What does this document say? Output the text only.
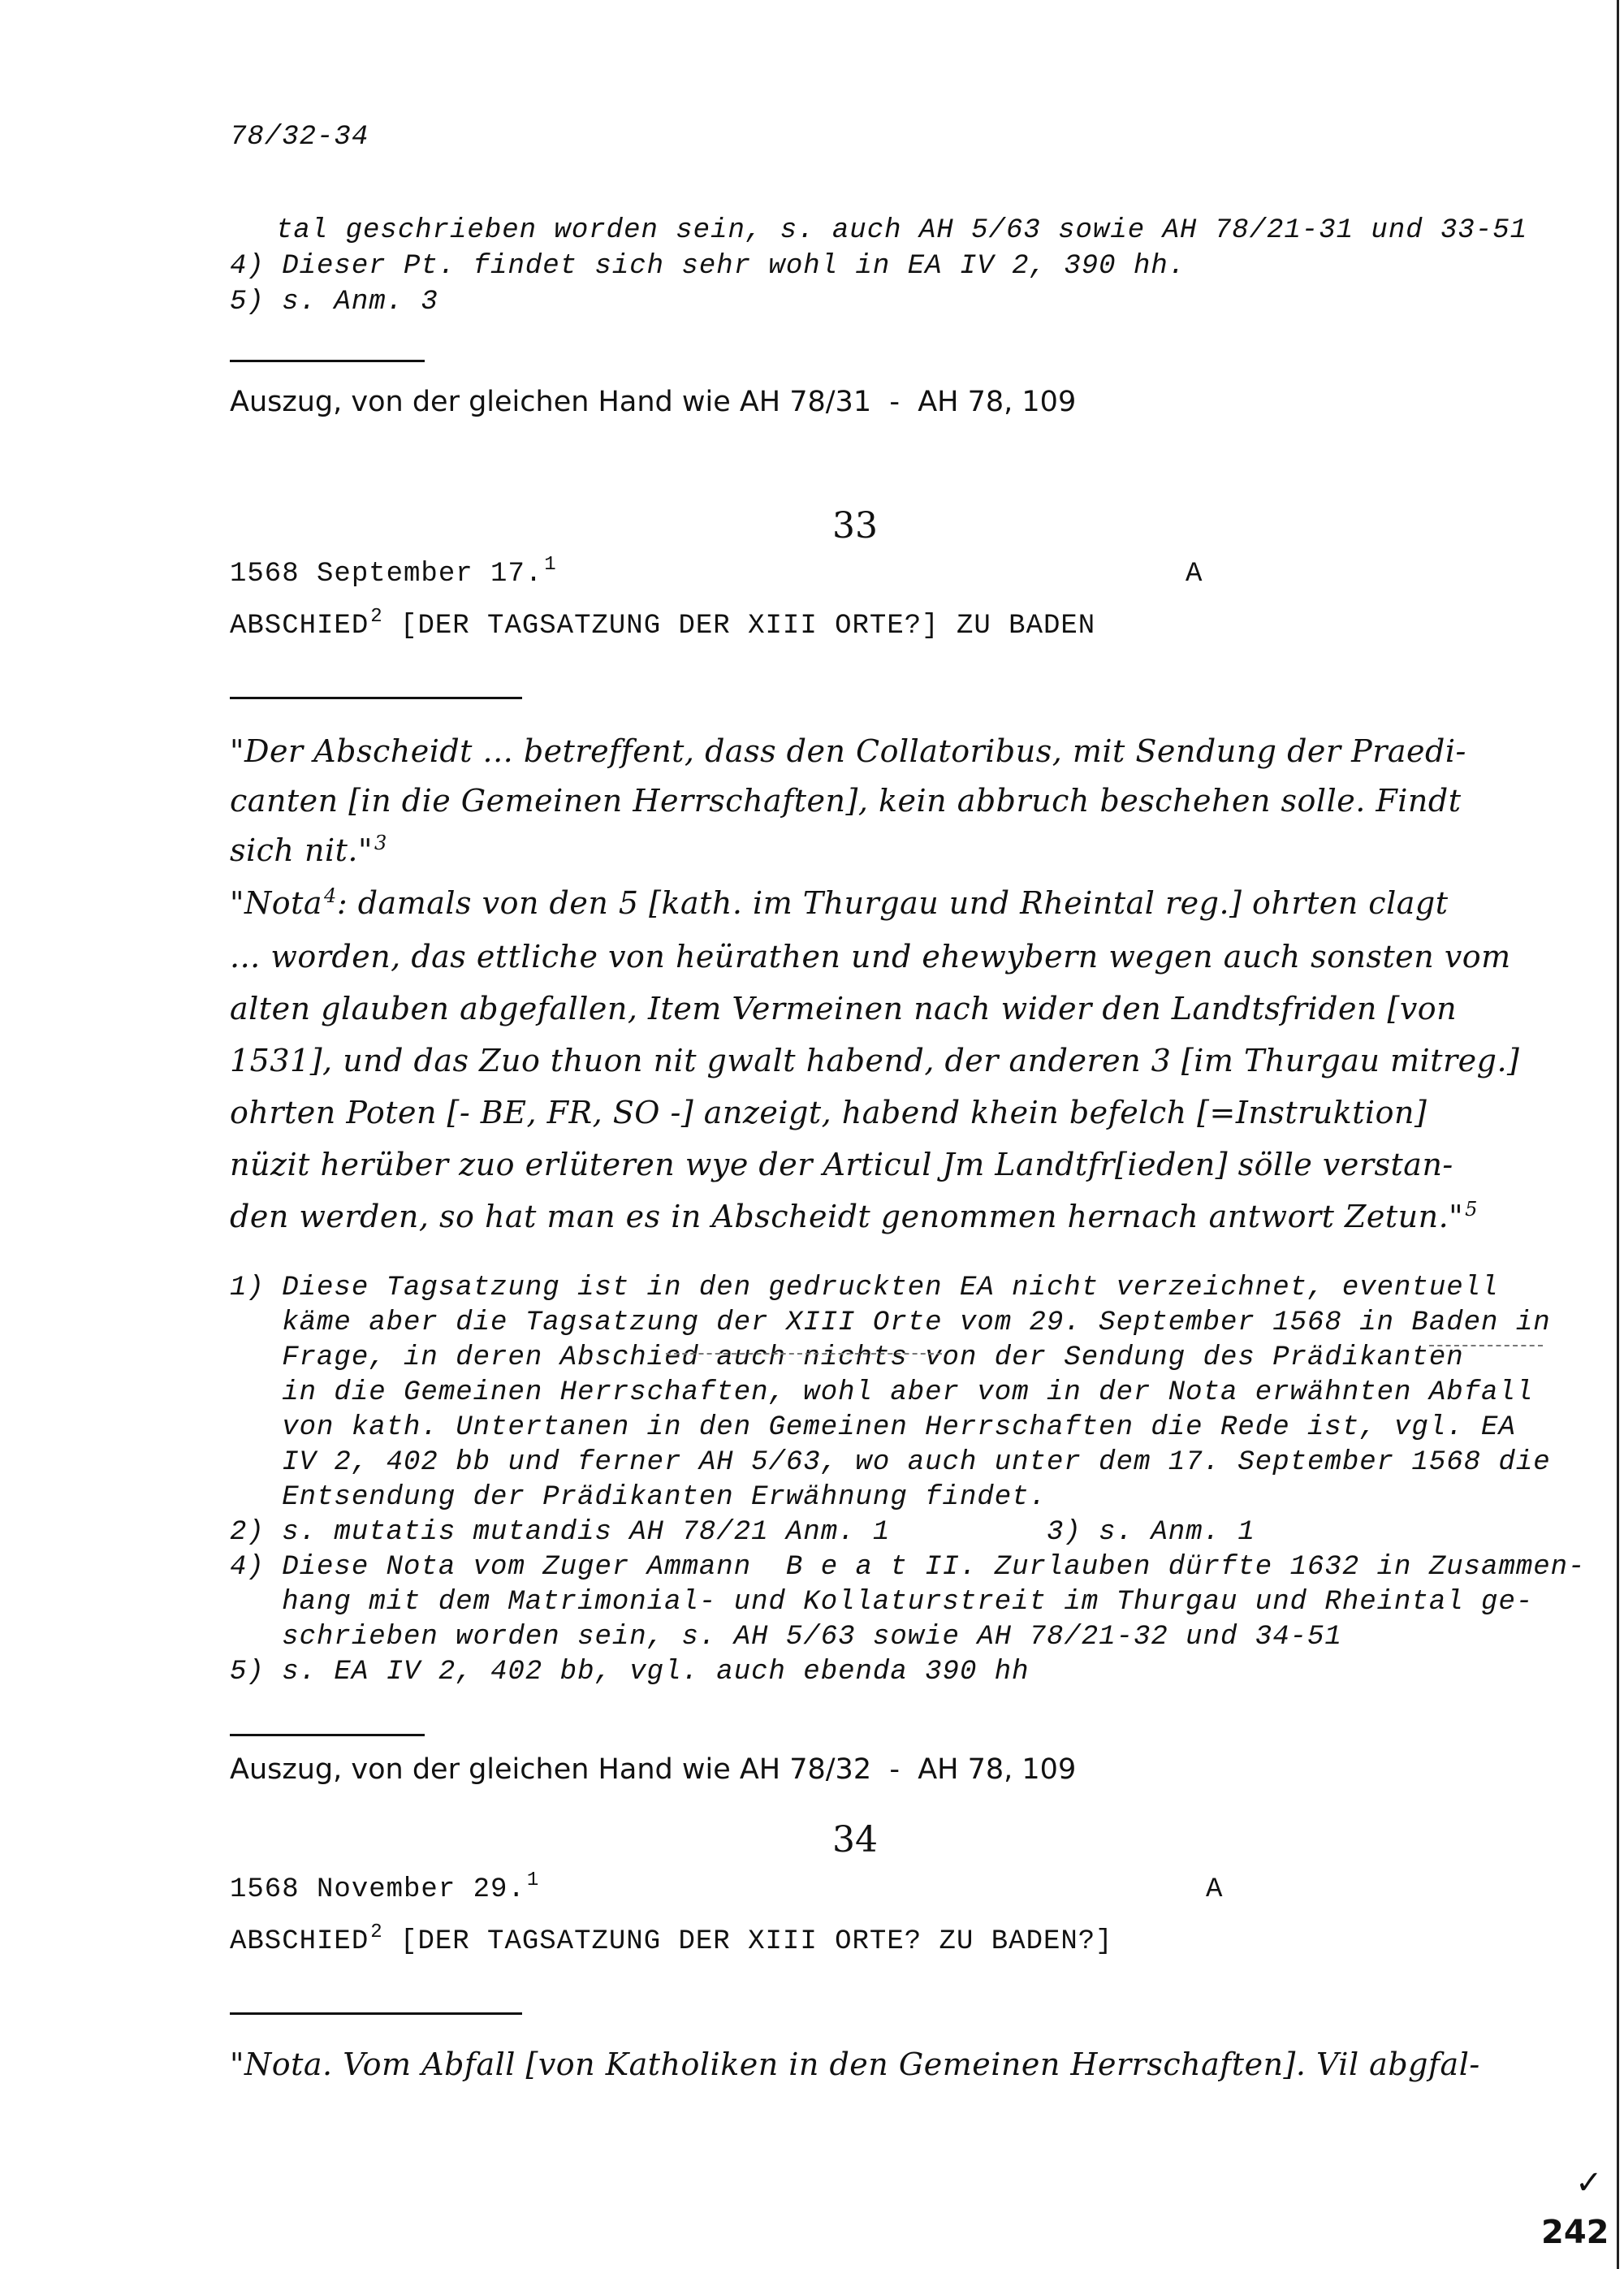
78/32-34
tal geschrieben worden sein, s. auch AH 5/63 sowie AH 78/21-31 und 33-51
4) Dieser Pt. findet sich sehr wohl in EA IV 2, 390 hh.
5) s. Anm. 3
Auszug, von der gleichen Hand wie AH 78/31  -  AH 78, 109
33
1568 September 17.$^1$	A
ABSCHIED$^2$ [DER TAGSATZUNG DER XIII ORTE?] ZU BADEN
"Der Abscheidt ... betreffent, dass den Collatoribus, mit Sendung der Praedi-
canten [in die Gemeinen Herrschaften], kein abbruch beschehen solle. Findt
sich nit."$^3$
"Nota$^4$: damals von den 5 [kath. im Thurgau und Rheintal reg.] ohrten clagt
... worden, das ettliche von heürathen und ehewybern wegen auch sonsten vom
alten glauben abgefallen, Item Vermeinen nach wider den Landtsfriden [von
1531], und das Zuo thuon nit gwalt habend, der anderen 3 [im Thurgau mitreg.]
ohrten Poten [- BE, FR, SO -] anzeigt, habend khein befelch [=Instruktion]
nüzit herüber zuo erlüteren wye der Articul Jm Landtfr[ieden] sölle verstan-
den werden, so hat man es in Abscheidt genommen hernach antwort Zetun."$^5$
1) Diese Tagsatzung ist in den gedruckten EA nicht verzeichnet, eventuell
käme aber die Tagsatzung der XIII Orte vom 29. September 1568 in Baden in
Frage, in deren Abschied auch nichts von der Sendung des Prädikanten
in die Gemeinen Herrschaften, wohl aber vom in der Nota erwähnten Abfall
von kath. Untertanen in den Gemeinen Herrschaften die Rede ist, vgl. EA
IV 2, 402 bb und ferner AH 5/63, wo auch unter dem 17. September 1568 die
Entsendung der Prädikanten Erwähnung findet.
2) s. mutatis mutandis AH 78/21 Anm. 1         3) s. Anm. 1
4) Diese Nota vom Zuger Ammann  B e a t II. Zurlauben dürfte 1632 in Zusammen-
hang mit dem Matrimonial- und Kollaturstreit im Thurgau und Rheintal ge-
schrieben worden sein, s. AH 5/63 sowie AH 78/21-32 und 34-51
5) s. EA IV 2, 402 bb, vgl. auch ebenda 390 hh
Auszug, von der gleichen Hand wie AH 78/32  -  AH 78, 109
34
1568 November 29.$^1$	A
ABSCHIED$^2$ [DER TAGSATZUNG DER XIII ORTE? ZU BADEN?]
"Nota. Vom Abfall [von Katholiken in den Gemeinen Herrschaften]. Vil abgfal-
✓
242
